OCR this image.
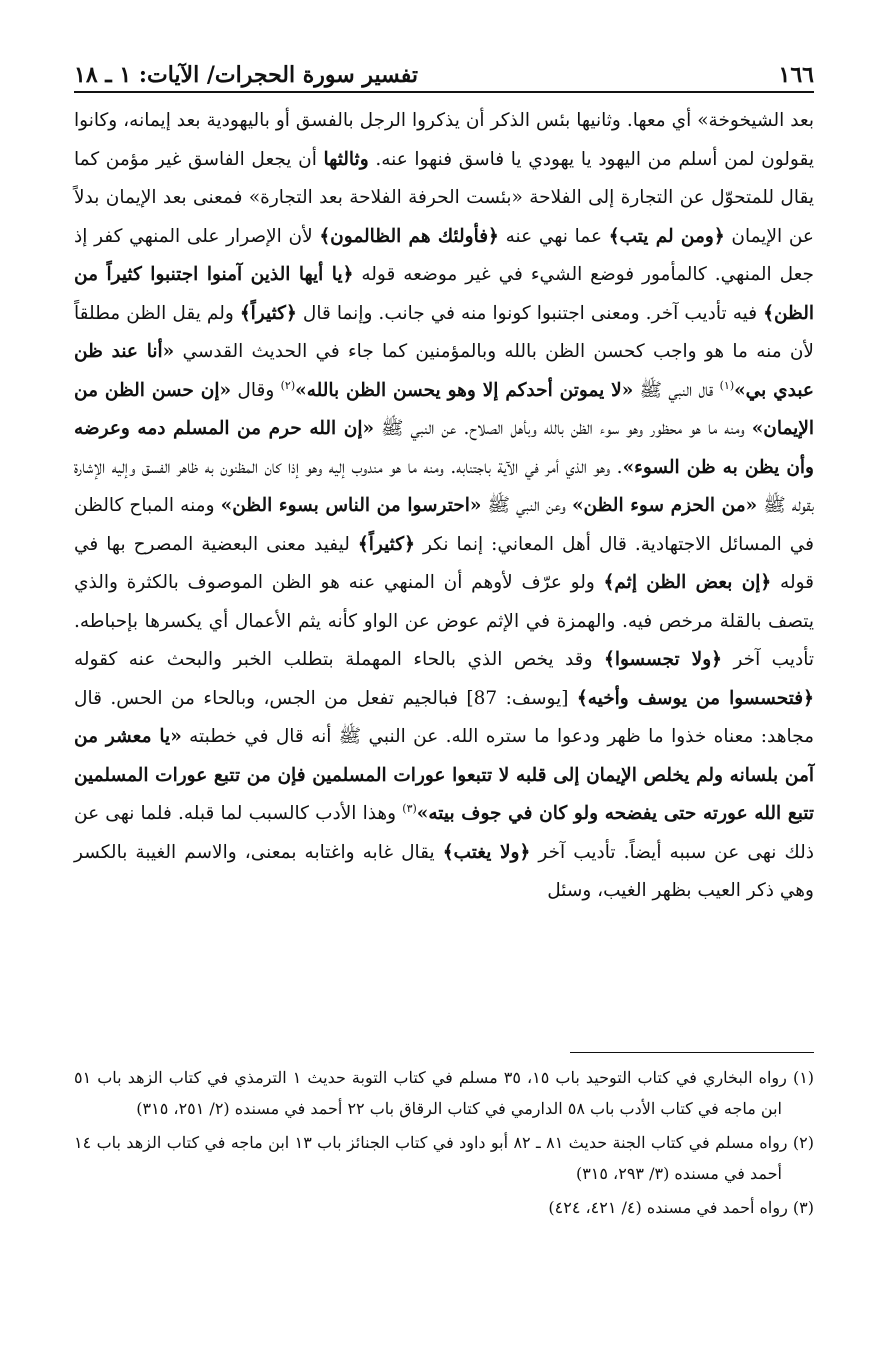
١٦٦
تفسير سورة الحجرات/ الآيات: ١ ـ ١٨

بعد الشيخوخة» أي معها. وثانيها بئس الذكر أن يذكروا الرجل بالفسق أو باليهودية بعد إيمانه، وكانوا يقولون لمن أسلم من اليهود يا يهودي يا فاسق فنهوا عنه. وثالثها أن يجعل الفاسق غير مؤمن كما يقال للمتحوّل عن التجارة إلى الفلاحة «بئست الحرفة الفلاحة بعد التجارة» فمعنى بعد الإيمان بدلاً عن الإيمان ﴿ومن لم يتب﴾ عما نهي عنه ﴿فأولئك هم الظالمون﴾ لأن الإصرار على المنهي كفر إذ جعل المنهي. كالمأمور فوضع الشيء في غير موضعه قوله ﴿يا أيها الذين آمنوا اجتنبوا كثيراً من الظن﴾ فيه تأديب آخر. ومعنى اجتنبوا كونوا منه في جانب. وإنما قال ﴿كثيراً﴾ ولم يقل الظن مطلقاً لأن منه ما هو واجب كحسن الظن بالله وبالمؤمنين كما جاء في الحديث القدسي «أنا عند ظن عبدي بي»$^{(١)}$ قال النبي ﷺ «لا يموتن أحدكم إلا وهو يحسن الظن بالله»$^{(٢)}$ وقال «إن حسن الظن من الإيمان» ومنه ما هو محظور وهو سوء الظن بالله وبأهل الصلاح. عن النبي ﷺ «إن الله حرم من المسلم دمه وعرضه وأن يظن به ظن السوء». وهو الذي أمر في الآية باجتنابه. ومنه ما هو مندوب إليه وهو إذا كان المظنون به ظاهر الفسق وإليه الإشارة بقوله ﷺ «من الحزم سوء الظن» وعن النبي ﷺ «احترسوا من الناس بسوء الظن» ومنه المباح كالظن في المسائل الاجتهادية. قال أهل المعاني: إنما نكر ﴿كثيراً﴾ ليفيد معنى البعضية المصرح بها في قوله ﴿إن بعض الظن إثم﴾ ولو عرّف لأوهم أن المنهي عنه هو الظن الموصوف بالكثرة والذي يتصف بالقلة مرخص فيه. والهمزة في الإثم عوض عن الواو كأنه يثم الأعمال أي يكسرها بإحباطه. تأديب آخر ﴿ولا تجسسوا﴾ وقد يخص الذي بالحاء المهملة بتطلب الخبر والبحث عنه كقوله ﴿فتحسسوا من يوسف وأخيه﴾ [يوسف: 87] فبالجيم تفعل من الجس، وبالحاء من الحس. قال مجاهد: معناه خذوا ما ظهر ودعوا ما ستره الله. عن النبي ﷺ أنه قال في خطبته «يا معشر من آمن بلسانه ولم يخلص الإيمان إلى قلبه لا تتبعوا عورات المسلمين فإن من تتبع عورات المسلمين تتبع الله عورته حتى يفضحه ولو كان في جوف بيته»$^{(٣)}$ وهذا الأدب كالسبب لما قبله. فلما نهى عن ذلك نهى عن سببه أيضاً. تأديب آخر ﴿ولا يغتب﴾ يقال غابه واغتابه بمعنى، والاسم الغيبة بالكسر وهي ذكر العيب بظهر الغيب، وسئل

(١) رواه البخاري في كتاب التوحيد باب ١٥، ٣٥ مسلم في كتاب التوبة حديث ١ الترمذي في كتاب الزهد باب ٥١ ابن ماجه في كتاب الأدب باب ٥٨ الدارمي في كتاب الرقاق باب ٢٢ أحمد في مسنده (٢/ ٢٥١، ٣١٥)

(٢) رواه مسلم في كتاب الجنة حديث ٨١ ـ ٨٢ أبو داود في كتاب الجنائز باب ١٣ ابن ماجه في كتاب الزهد باب ١٤ أحمد في مسنده (٣/ ٢٩٣، ٣١٥)

(٣) رواه أحمد في مسنده (٤/ ٤٢١، ٤٢٤)
